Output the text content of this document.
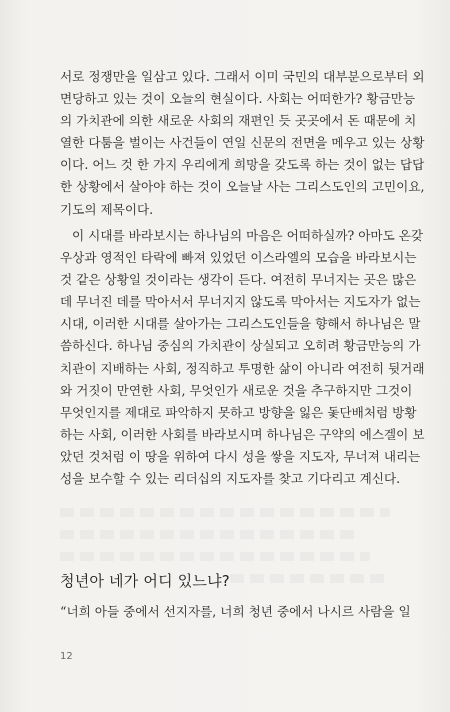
서로 정쟁만을 일삼고 있다. 그래서 이미 국민의 대부분으로부터 외
면당하고 있는 것이 오늘의 현실이다. 사회는 어떠한가? 황금만능
의 가치관에 의한 새로운 사회의 재편인 듯 곳곳에서 돈 때문에 치
열한 다툼을 벌이는 사건들이 연일 신문의 전면을 메우고 있는 상황
이다. 어느 것 한 가지 우리에게 희망을 갖도록 하는 것이 없는 답답
한 상황에서 살아야 하는 것이 오늘날 사는 그리스도인의 고민이요,
기도의 제목이다.
이 시대를 바라보시는 하나님의 마음은 어떠하실까? 아마도 온갖
우상과 영적인 타락에 빠져 있었던 이스라엘의 모습을 바라보시는
것 같은 상황일 것이라는 생각이 든다. 여전히 무너지는 곳은 많은
데 무너진 데를 막아서서 무너지지 않도록 막아서는 지도자가 없는
시대, 이러한 시대를 살아가는 그리스도인들을 향해서 하나님은 말
씀하신다. 하나님 중심의 가치관이 상실되고 오히려 황금만능의 가
치관이 지배하는 사회, 정직하고 투명한 삶이 아니라 여전히 뒷거래
와 거짓이 만연한 사회, 무엇인가 새로운 것을 추구하지만 그것이
무엇인지를 제대로 파악하지 못하고 방향을 잃은 돛단배처럼 방황
하는 사회, 이러한 사회를 바라보시며 하나님은 구약의 에스겔이 보
았던 것처럼 이 땅을 위하여 다시 성을 쌓을 지도자, 무너져 내리는
성을 보수할 수 있는 리더십의 지도자를 찾고 기다리고 계신다.
청년아 네가 어디 있느냐?
“너희 아들 중에서 선지자를, 너희 청년 중에서 나시르 사람을 일
12
